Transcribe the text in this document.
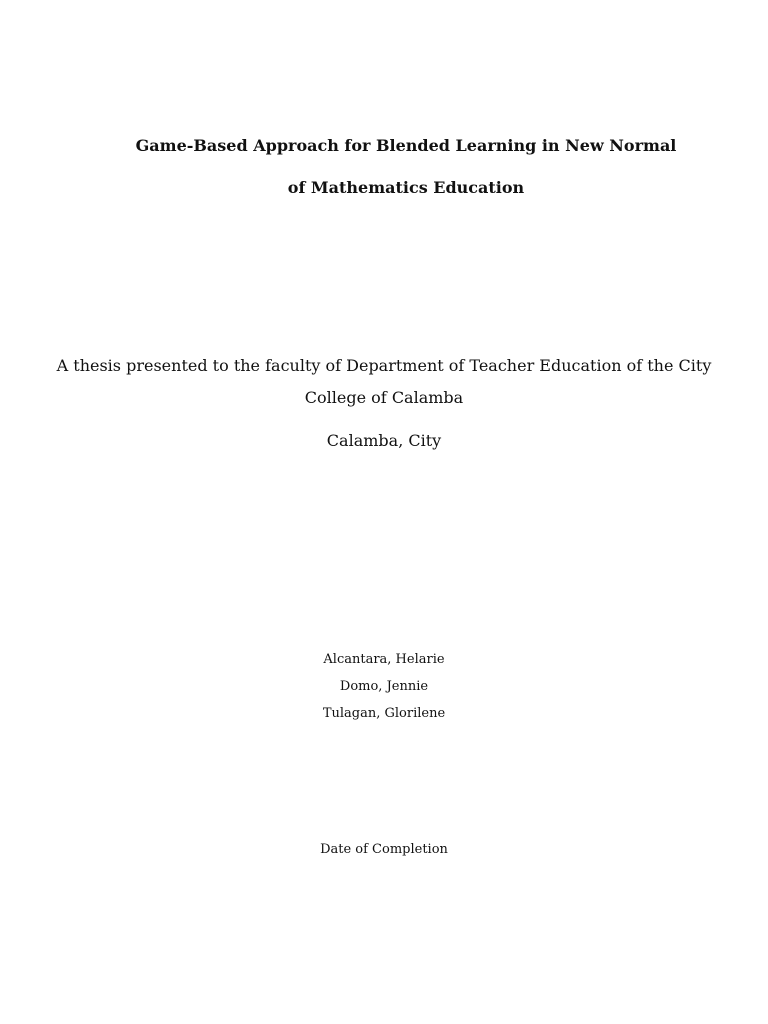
Game-Based Approach for Blended Learning in New Normal
of Mathematics Education
A thesis presented to the faculty of Department of Teacher Education of the City
College of Calamba
Calamba, City
Alcantara, Helarie
Domo, Jennie
Tulagan, Glorilene
Date of Completion
